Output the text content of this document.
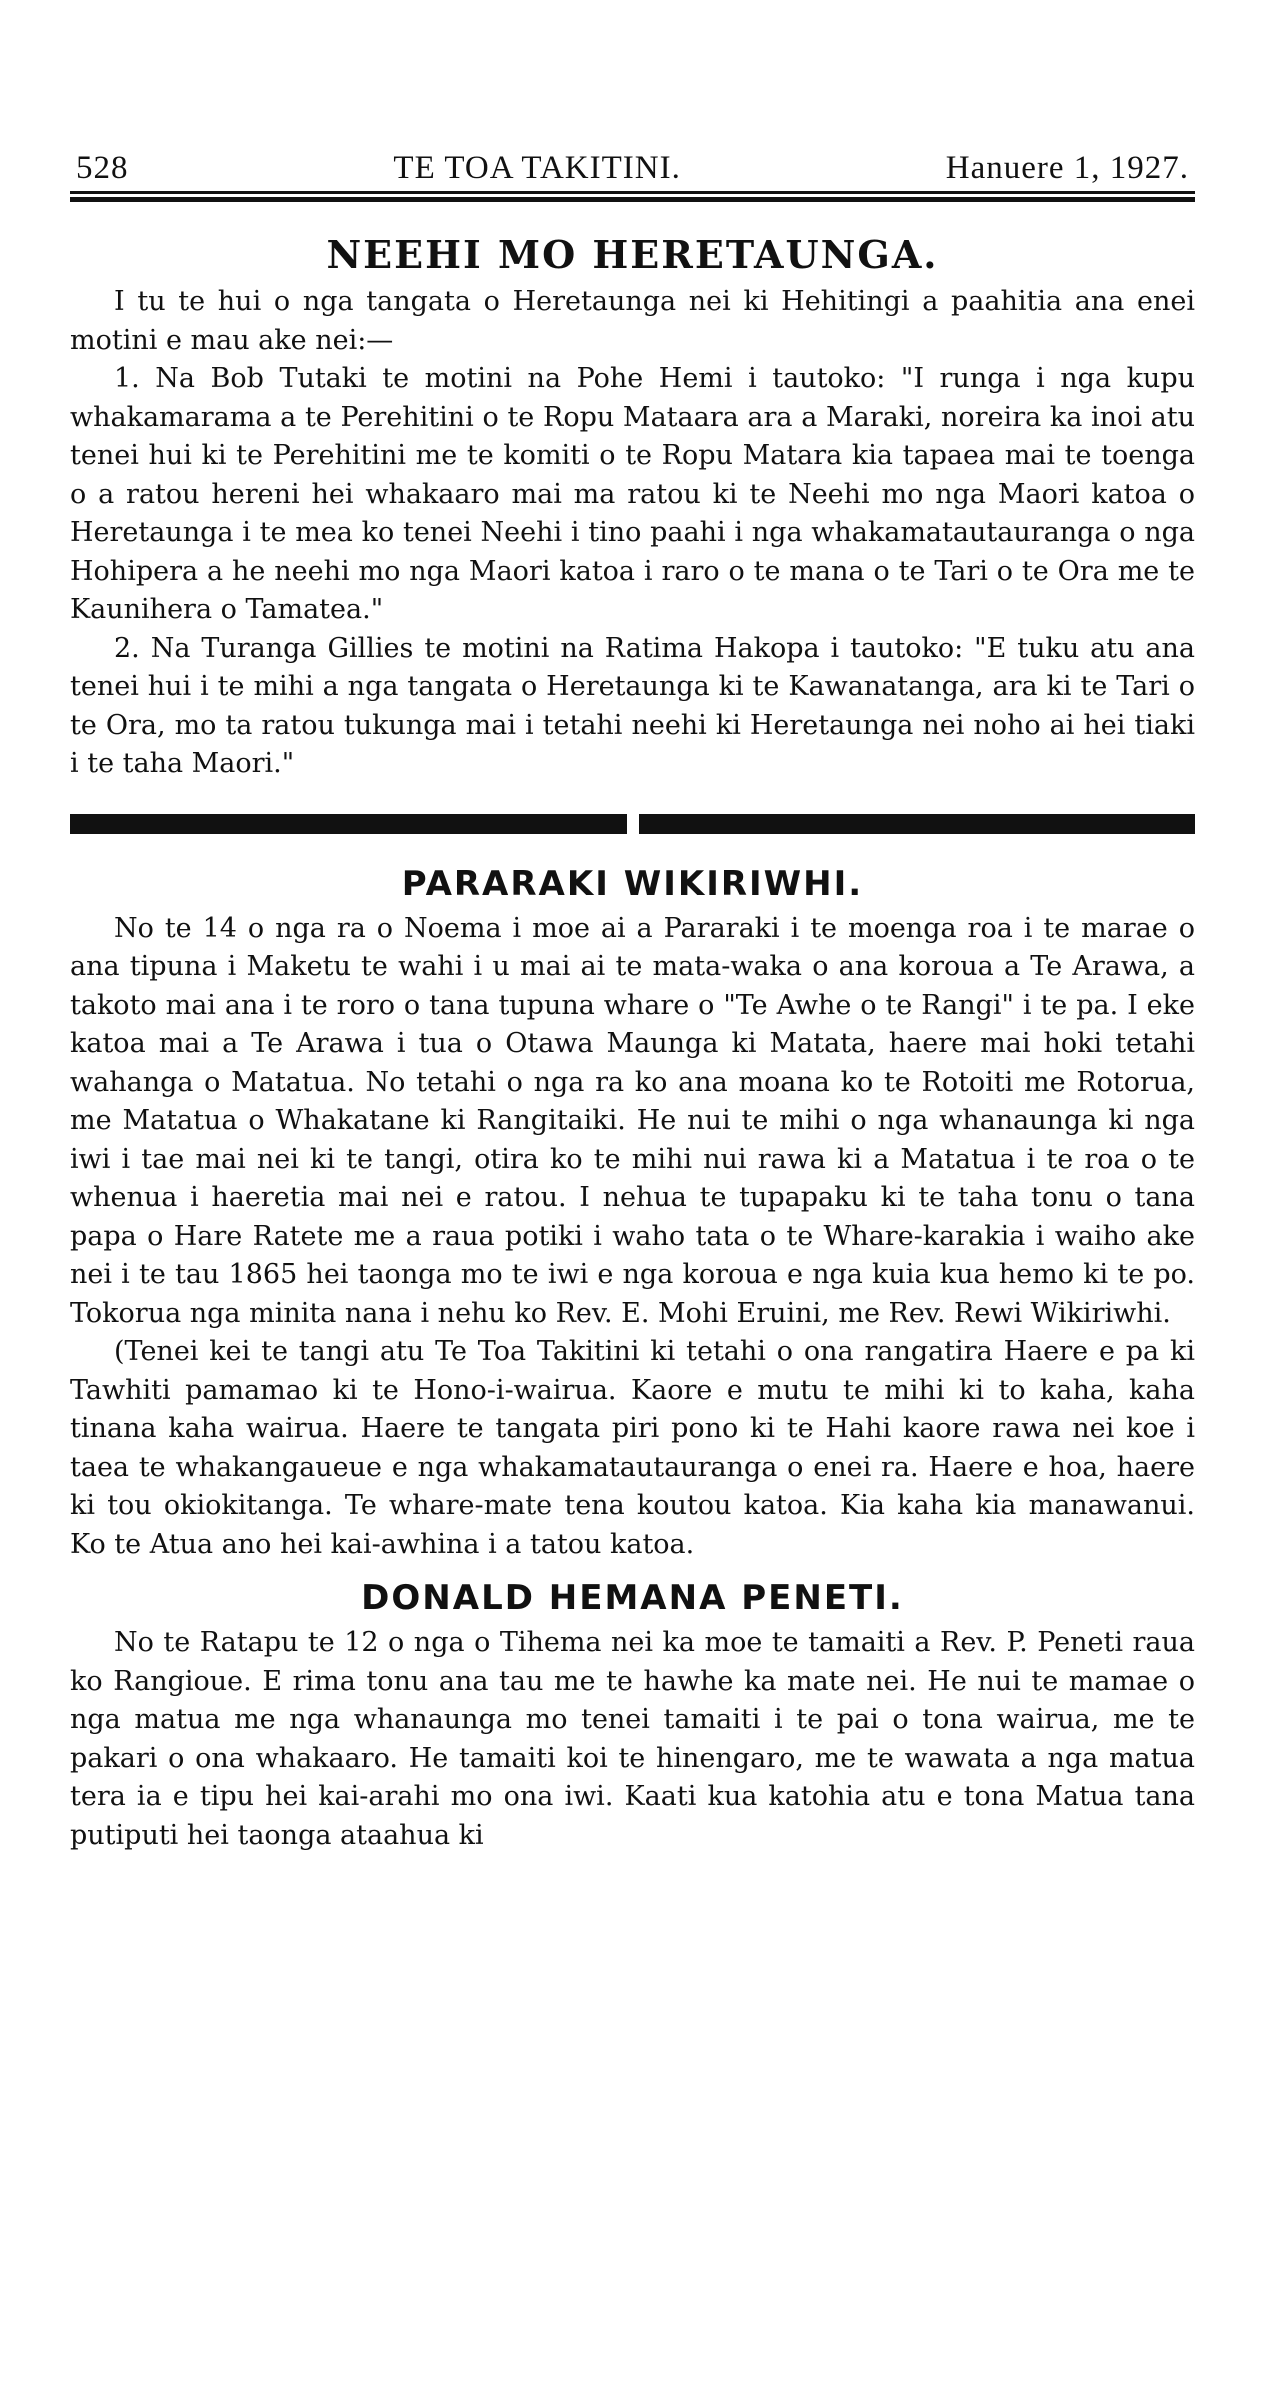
528	TE TOA TAKITINI.	Hanuere 1, 1927.
NEEHI MO HERETAUNGA.

I tu te hui o nga tangata o Heretaunga nei ki Hehitingi a paahitia ana enei motini e mau ake nei:—

1. Na Bob Tutaki te motini na Pohe Hemi i tautoko: "I runga i nga kupu whakamarama a te Perehitini o te Ropu Mataara ara a Maraki, noreira ka inoi atu tenei hui ki te Perehitini me te komiti o te Ropu Matara kia tapaea mai te toenga o a ratou hereni hei whakaaro mai ma ratou ki te Neehi mo nga Maori katoa o Heretaunga i te mea ko tenei Neehi i tino paahi i nga whakamatautauranga o nga Hohipera a he neehi mo nga Maori katoa i raro o te mana o te Tari o te Ora me te Kaunihera o Tamatea."

2. Na Turanga Gillies te motini na Ratima Hakopa i tautoko: "E tuku atu ana tenei hui i te mihi a nga tangata o Heretaunga ki te Kawanatanga, ara ki te Tari o te Ora, mo ta ratou tukunga mai i tetahi neehi ki Heretaunga nei noho ai hei tiaki i te taha Maori."

PARARAKI WIKIRIWHI.

No te 14 o nga ra o Noema i moe ai a Pararaki i te moenga roa i te marae o ana tipuna i Maketu te wahi i u mai ai te mata-waka o ana koroua a Te Arawa, a takoto mai ana i te roro o tana tupuna whare o "Te Awhe o te Rangi" i te pa. I eke katoa mai a Te Arawa i tua o Otawa Maunga ki Matata, haere mai hoki tetahi wahanga o Matatua. No tetahi o nga ra ko ana moana ko te Rotoiti me Rotorua, me Matatua o Whakatane ki Rangitaiki. He nui te mihi o nga whanaunga ki nga iwi i tae mai nei ki te tangi, otira ko te mihi nui rawa ki a Matatua i te roa o te whenua i haeretia mai nei e ratou. I nehua te tupapaku ki te taha tonu o tana papa o Hare Ratete me a raua potiki i waho tata o te Whare-karakia i waiho ake nei i te tau 1865 hei taonga mo te iwi e nga koroua e nga kuia kua hemo ki te po. Tokorua nga minita nana i nehu ko Rev. E. Mohi Eruini, me Rev. Rewi Wikiriwhi.

(Tenei kei te tangi atu Te Toa Takitini ki tetahi o ona rangatira Haere e pa ki Tawhiti pamamao ki te Hono-i-wairua. Kaore e mutu te mihi ki to kaha, kaha tinana kaha wairua. Haere te tangata piri pono ki te Hahi kaore rawa nei koe i taea te whakangaueue e nga whakamatautauranga o enei ra. Haere e hoa, haere ki tou okiokitanga. Te whare-mate tena koutou katoa. Kia kaha kia manawanui. Ko te Atua ano hei kai-awhina i a tatou katoa.

DONALD HEMANA PENETI.

No te Ratapu te 12 o nga o Tihema nei ka moe te tamaiti a Rev. P. Peneti raua ko Rangioue. E rima tonu ana tau me te hawhe ka mate nei. He nui te mamae o nga matua me nga whanaunga mo tenei tamaiti i te pai o tona wairua, me te pakari o ona whakaaro. He tamaiti koi te hinengaro, me te wawata a nga matua tera ia e tipu hei kai-arahi mo ona iwi. Kaati kua katohia atu e tona Matua tana putiputi hei taonga ataahua ki
